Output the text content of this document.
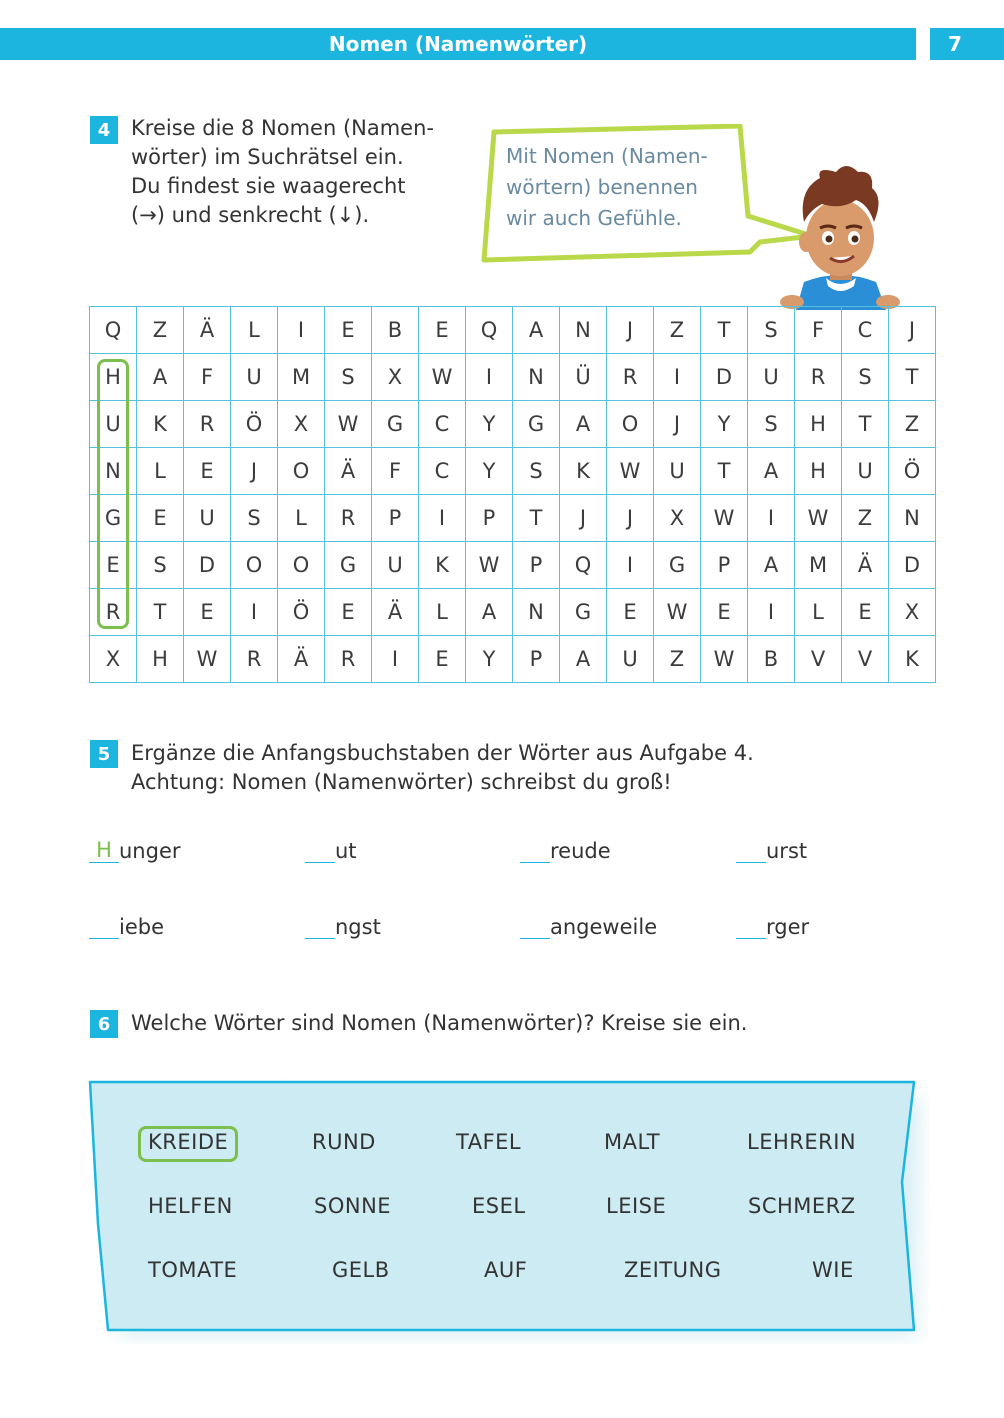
Nomen (Namenwörter)	7
4 Kreise die 8 Nomen (Namen-
wörter) im Suchrätsel ein.
Du findest sie waagerecht
(→) und senkrecht (↓).
Mit Nomen (Namen-
wörtern) benennen
wir auch Gefühle.
Q	Z	Ä	L	I	E	B	E	Q	A	N	J	Z	T	S	F	C	J
H	A	F	U	M	S	X	W	I	N	Ü	R	I	D	U	R	S	T
U	K	R	Ö	X	W	G	C	Y	G	A	O	J	Y	S	H	T	Z
N	L	E	J	O	Ä	F	C	Y	S	K	W	U	T	A	H	U	Ö
G	E	U	S	L	R	P	I	P	T	J	J	X	W	I	W	Z	N
E	S	D	O	O	G	U	K	W	P	Q	I	G	P	A	M	Ä	D
R	T	E	I	Ö	E	Ä	L	A	N	G	E	W	E	I	L	E	X
X	H	W	R	Ä	R	I	E	Y	P	A	U	Z	W	B	V	V	K
5 Ergänze die Anfangsbuchstaben der Wörter aus Aufgabe 4.
Achtung: Nomen (Namenwörter) schreibst du groß!
H unger	ut	reude	urst
iebe	ngst	angeweile	rger
6 Welche Wörter sind Nomen (Namenwörter)? Kreise sie ein.
KREIDE	RUND	TAFEL	MALT	LEHRERIN
HELFEN	SONNE	ESEL	LEISE	SCHMERZ
TOMATE	GELB	AUF	ZEITUNG	WIE
